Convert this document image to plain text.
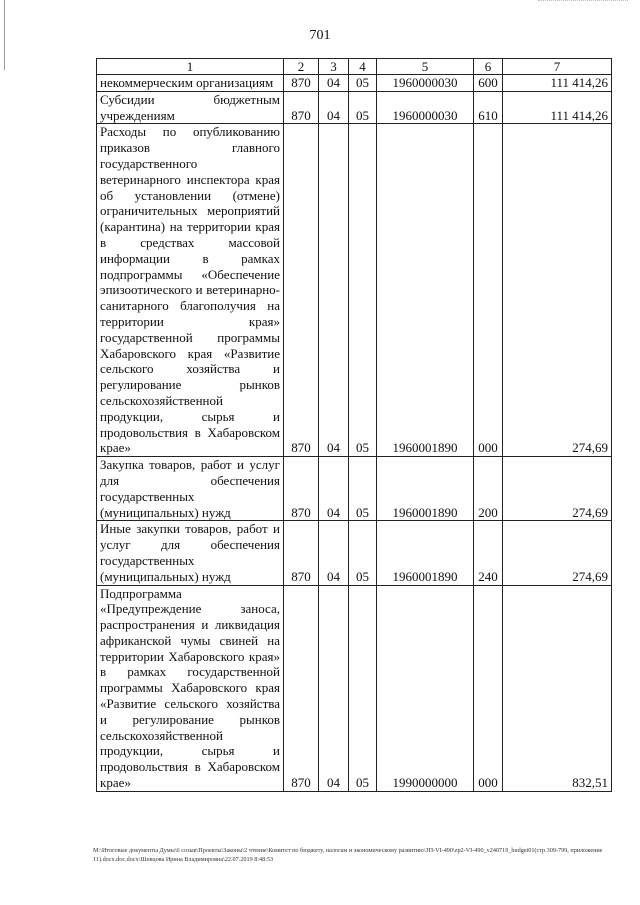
701
1	2	3	4	5	6	7
некоммерческим организациям	870	04	05	1960000030	600	111 414,26
Субсидии бюджетным учреждениям	870	04	05	1960000030	610	111 414,26
Расходы по опубликованию приказов главного государственного ветеринарного инспектора края об установлении (отмене) ограничительных мероприятий (карантина) на территории края в средствах массовой информации в рамках подпрограммы «Обеспечение эпизоотического и ветеринарно-санитарного благополучия на территории края» государственной программы Хабаровского края «Развитие сельского хозяйства и регулирование рынков сельскохозяйственной продукции, сырья и продовольствия в Хабаровском крае»	870	04	05	1960001890	000	274,69
Закупка товаров, работ и услуг для обеспечения государственных (муниципальных) нужд	870	04	05	1960001890	200	274,69
Иные закупки товаров, работ и услуг для обеспечения государственных (муниципальных) нужд	870	04	05	1960001890	240	274,69
Подпрограмма «Предупреждение заноса, распространения и ликвидация африканской чумы свиней на территории Хабаровского края» в рамках государственной программы Хабаровского края «Развитие сельского хозяйства и регулирование рынков сельскохозяйственной продукции, сырья и продовольствия в Хабаровском крае»	870	04	05	1990000000	000	832,51
M:\Итоговые документы Думы\6 созыв\Проекты\Законы\2 чтение\Комитет по бюджету, налогам и экономическому развитию\ЗП-VI-490\zp2-VI-490_v240719_budget01(стр.309-799, приложение 11).docx.doc.docx\Шевцова Ирина Владимировна\22.07.2019 8:48:53
